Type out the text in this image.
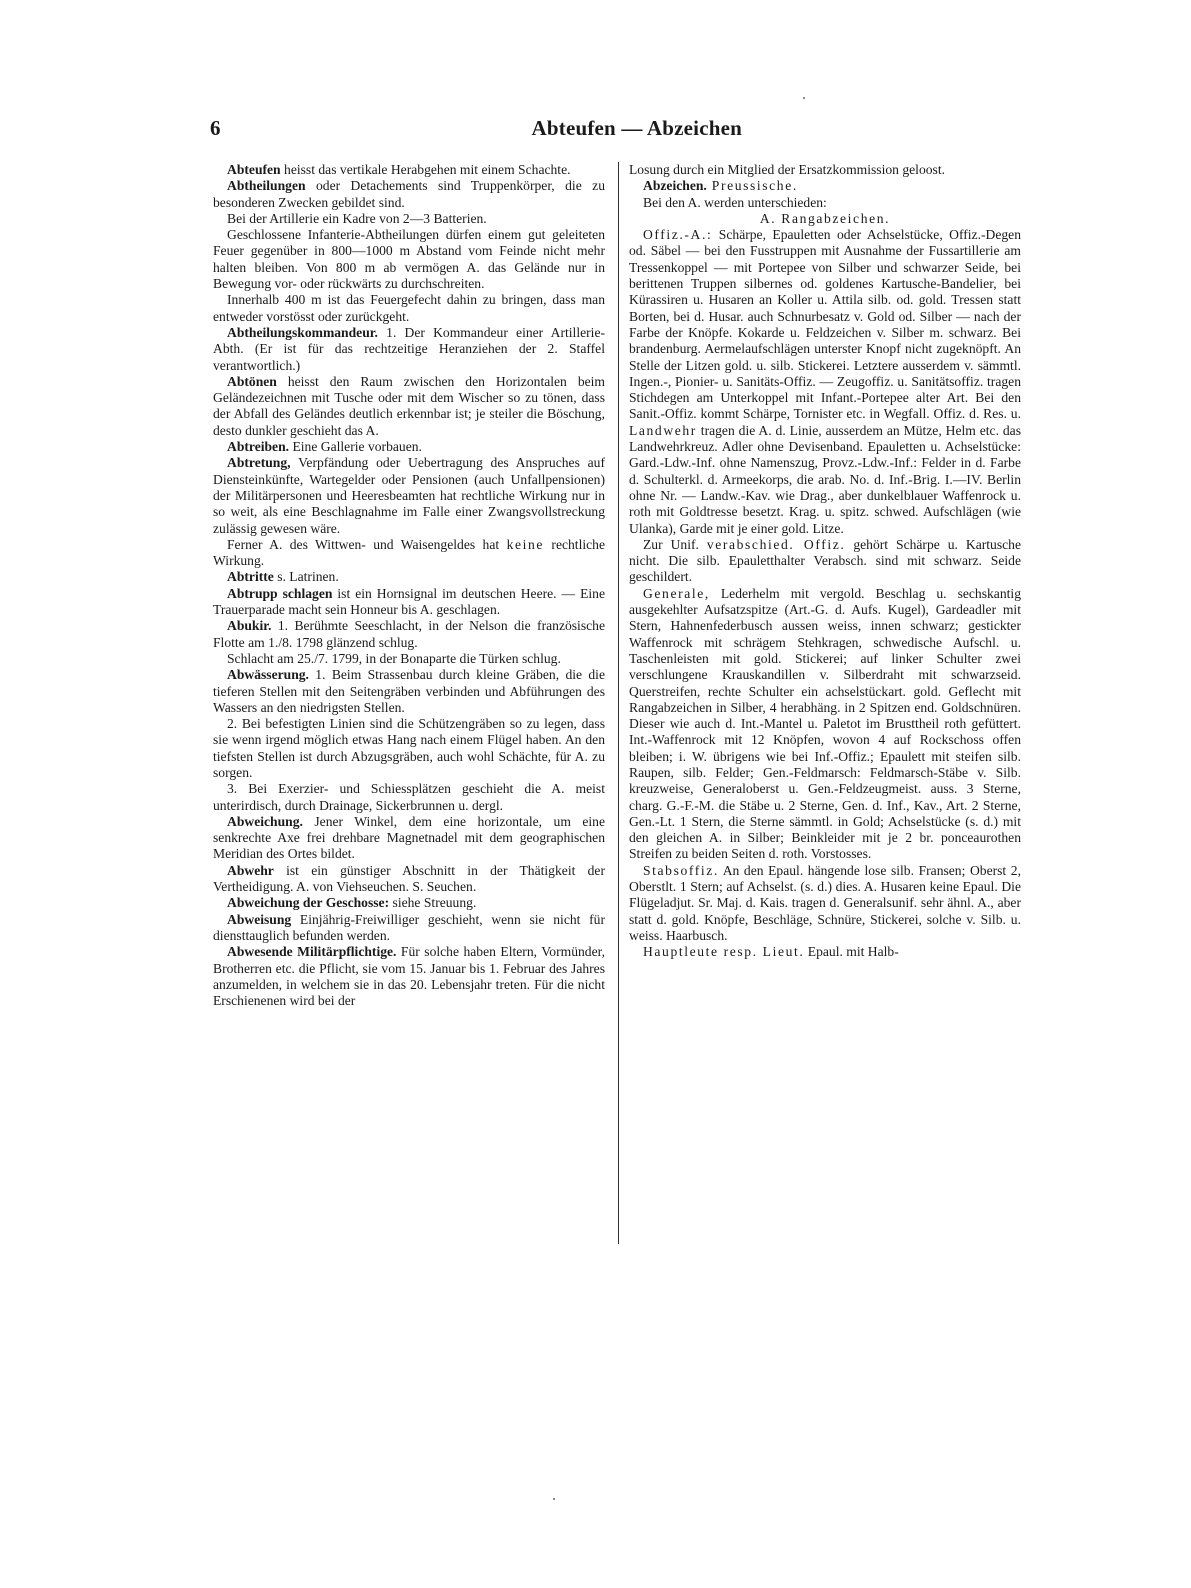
6	Abteufen — Abzeichen

Abteufen heisst das vertikale Herabgehen mit einem Schachte.

Abtheilungen oder Detachements sind Truppenkörper, die zu besonderen Zwecken gebildet sind.

Bei der Artillerie ein Kadre von 2—3 Batterien.

Geschlossene Infanterie-Abtheilungen dürfen einem gut geleiteten Feuer gegenüber in 800—1000 m Abstand vom Feinde nicht mehr halten bleiben. Von 800 m ab vermögen A. das Gelände nur in Bewegung vor- oder rückwärts zu durchschreiten.

Innerhalb 400 m ist das Feuergefecht dahin zu bringen, dass man entweder vorstösst oder zurückgeht.

Abtheilungskommandeur. 1. Der Kommandeur einer Artillerie-Abth. (Er ist für das rechtzeitige Heranziehen der 2. Staffel verantwortlich.)

Abtönen heisst den Raum zwischen den Horizontalen beim Geländezeichnen mit Tusche oder mit dem Wischer so zu tönen, dass der Abfall des Geländes deutlich erkennbar ist; je steiler die Böschung, desto dunkler geschieht das A.

Abtreiben. Eine Gallerie vorbauen.

Abtretung, Verpfändung oder Uebertragung des Anspruches auf Diensteinkünfte, Wartegelder oder Pensionen (auch Unfallpensionen) der Militärpersonen und Heeresbeamten hat rechtliche Wirkung nur in so weit, als eine Beschlagnahme im Falle einer Zwangsvollstreckung zulässig gewesen wäre.

Ferner A. des Wittwen- und Waisengeldes hat keine rechtliche Wirkung.

Abtritte s. Latrinen.

Abtrupp schlagen ist ein Hornsignal im deutschen Heere. — Eine Trauerparade macht sein Honneur bis A. geschlagen.

Abukir. 1. Berühmte Seeschlacht, in der Nelson die französische Flotte am 1./8. 1798 glänzend schlug.

Schlacht am 25./7. 1799, in der Bonaparte die Türken schlug.

Abwässerung. 1. Beim Strassenbau durch kleine Gräben, die die tieferen Stellen mit den Seitengräben verbinden und Abführungen des Wassers an den niedrigsten Stellen.

2. Bei befestigten Linien sind die Schützengräben so zu legen, dass sie wenn irgend möglich etwas Hang nach einem Flügel haben. An den tiefsten Stellen ist durch Abzugsgräben, auch wohl Schächte, für A. zu sorgen.

3. Bei Exerzier- und Schiessplätzen geschieht die A. meist unterirdisch, durch Drainage, Sickerbrunnen u. dergl.

Abweichung. Jener Winkel, dem eine horizontale, um eine senkrechte Axe frei drehbare Magnetnadel mit dem geographischen Meridian des Ortes bildet.

Abwehr ist ein günstiger Abschnitt in der Thätigkeit der Vertheidigung. A. von Viehseuchen. S. Seuchen.

Abweichung der Geschosse: siehe Streuung.

Abweisung Einjährig-Freiwilliger geschieht, wenn sie nicht für diensttauglich befunden werden.

Abwesende Militärpflichtige. Für solche haben Eltern, Vormünder, Brotherren etc. die Pflicht, sie vom 15. Januar bis 1. Februar des Jahres anzumelden, in welchem sie in das 20. Lebensjahr treten. Für die nicht Erschienenen wird bei der

Losung durch ein Mitglied der Ersatzkommission geloost.

Abzeichen. Preussische.

Bei den A. werden unterschieden:

A. Rangabzeichen.

Offiz.-A.: Schärpe, Epauletten oder Achselstücke, Offiz.-Degen od. Säbel — bei den Fusstruppen mit Ausnahme der Fussartillerie am Tressenkoppel — mit Portepee von Silber und schwarzer Seide, bei berittenen Truppen silbernes od. goldenes Kartusche-Bandelier, bei Kürassiren u. Husaren an Koller u. Attila silb. od. gold. Tressen statt Borten, bei d. Husar. auch Schnurbesatz v. Gold od. Silber — nach der Farbe der Knöpfe. Kokarde u. Feldzeichen v. Silber m. schwarz. Bei brandenburg. Aermelaufschlägen unterster Knopf nicht zugeknöpft. An Stelle der Litzen gold. u. silb. Stickerei. Letztere ausserdem v. sämmtl. Ingen.-, Pionier- u. Sanitäts-Offiz. — Zeugoffiz. u. Sanitätsoffiz. tragen Stichdegen am Unterkoppel mit Infant.-Portepee alter Art. Bei den Sanit.-Offiz. kommt Schärpe, Tornister etc. in Wegfall. Offiz. d. Res. u. Landwehr tragen die A. d. Linie, ausserdem an Mütze, Helm etc. das Landwehrkreuz. Adler ohne Devisenband. Epauletten u. Achselstücke: Gard.-Ldw.-Inf. ohne Namenszug, Provz.-Ldw.-Inf.: Felder in d. Farbe d. Schulterkl. d. Armeekorps, die arab. No. d. Inf.-Brig. I.—IV. Berlin ohne Nr. — Landw.-Kav. wie Drag., aber dunkelblauer Waffenrock u. roth mit Goldtresse besetzt. Krag. u. spitz. schwed. Aufschlägen (wie Ulanka), Garde mit je einer gold. Litze.

Zur Unif. verabschied. Offiz. gehört Schärpe u. Kartusche nicht. Die silb. Epauletthalter Verabsch. sind mit schwarz. Seide geschildert.

Generale, Lederhelm mit vergold. Beschlag u. sechskantig ausgekehlter Aufsatzspitze (Art.-G. d. Aufs. Kugel), Gardeadler mit Stern, Hahnenfederbusch aussen weiss, innen schwarz; gestickter Waffenrock mit schrägem Stehkragen, schwedische Aufschl. u. Taschenleisten mit gold. Stickerei; auf linker Schulter zwei verschlungene Krauskandillen v. Silberdraht mit schwarzseid. Querstreifen, rechte Schulter ein achselstückart. gold. Geflecht mit Rangabzeichen in Silber, 4 herabhäng. in 2 Spitzen end. Goldschnüren. Dieser wie auch d. Int.-Mantel u. Paletot im Brusttheil roth gefüttert. Int.-Waffenrock mit 12 Knöpfen, wovon 4 auf Rockschoss offen bleiben; i. W. übrigens wie bei Inf.-Offiz.; Epaulett mit steifen silb. Raupen, silb. Felder; Gen.-Feldmarsch: Feldmarsch-Stäbe v. Silb. kreuzweise, Generaloberst u. Gen.-Feldzeugmeist. auss. 3 Sterne, charg. G.-F.-M. die Stäbe u. 2 Sterne, Gen. d. Inf., Kav., Art. 2 Sterne, Gen.-Lt. 1 Stern, die Sterne sämmtl. in Gold; Achselstücke (s. d.) mit den gleichen A. in Silber; Beinkleider mit je 2 br. ponceaurothen Streifen zu beiden Seiten d. roth. Vorstosses.

Stabsoffiz. An den Epaul. hängende lose silb. Fransen; Oberst 2, Oberstlt. 1 Stern; auf Achselst. (s. d.) dies. A. Husaren keine Epaul. Die Flügeladjut. Sr. Maj. d. Kais. tragen d. Generalsunif. sehr ähnl. A., aber statt d. gold. Knöpfe, Beschläge, Schnüre, Stickerei, solche v. Silb. u. weiss. Haarbusch.

Hauptleute resp. Lieut. Epaul. mit Halb-
